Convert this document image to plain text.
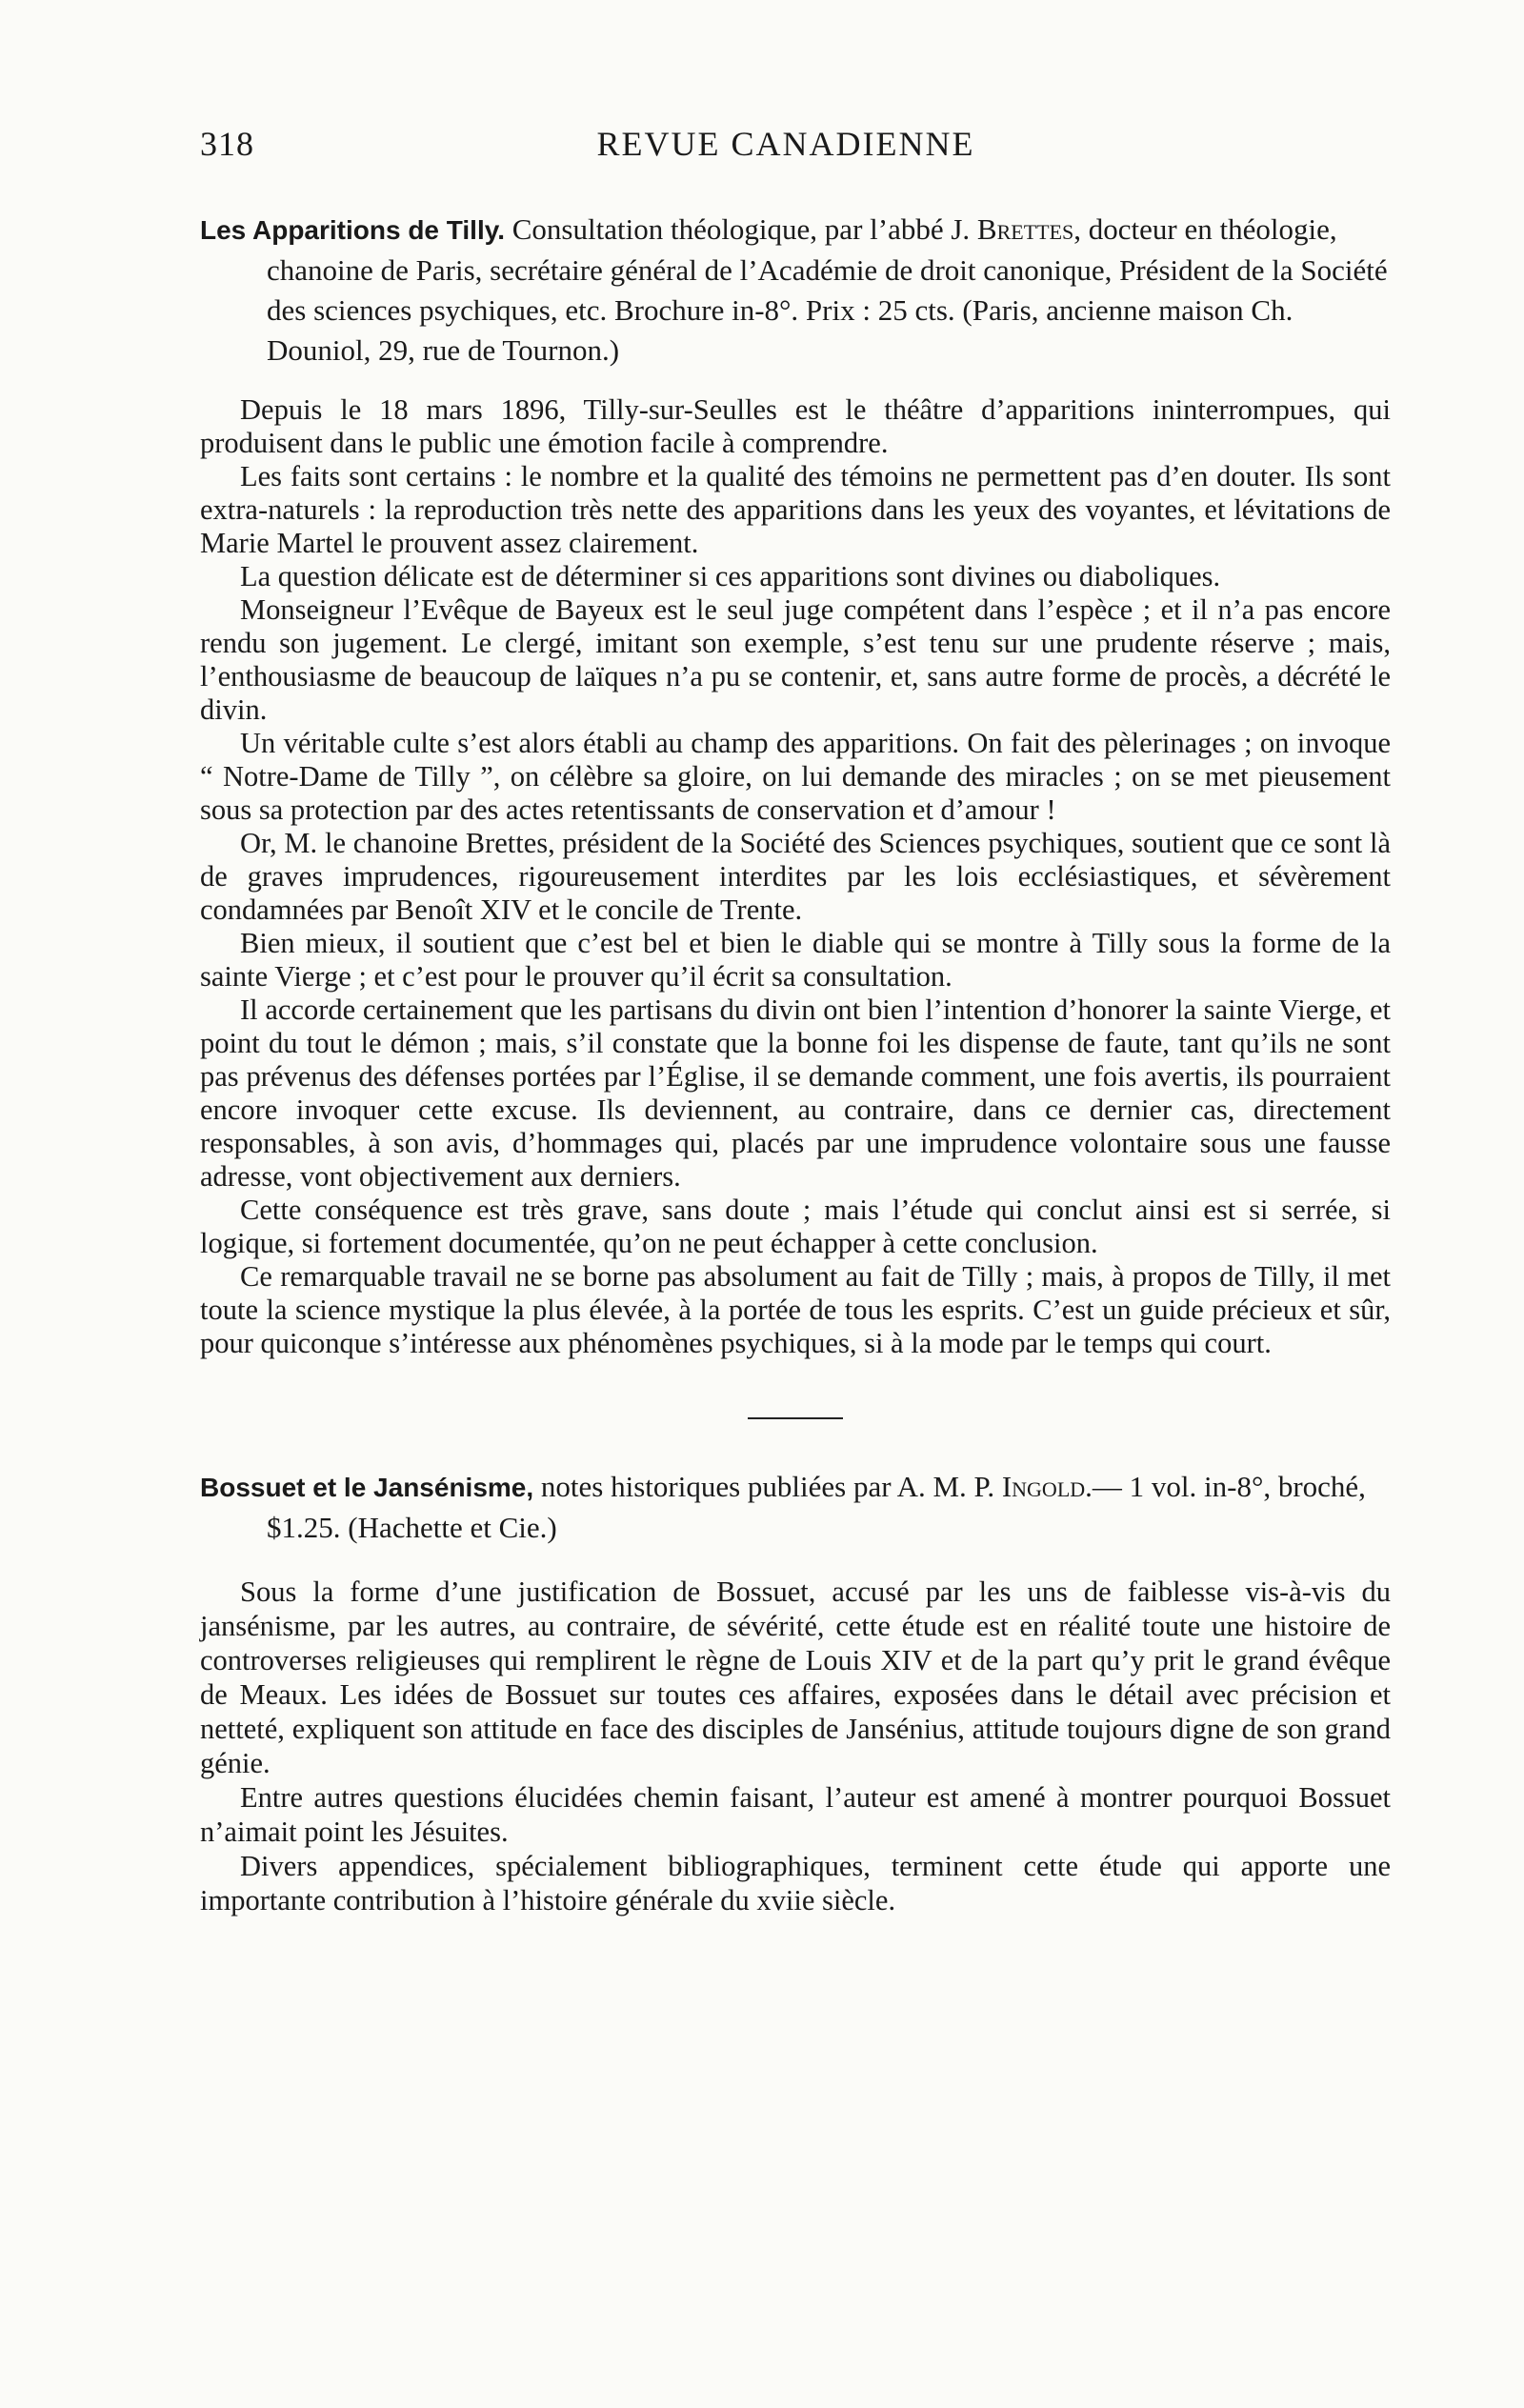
318	REVUE CANADIENNE
Les Apparitions de Tilly. Consultation théologique, par l’abbé J. Brettes, docteur en théologie, chanoine de Paris, secrétaire général de l’Académie de droit canonique, Président de la Société des sciences psychiques, etc. Brochure in-8°. Prix : 25 cts. (Paris, ancienne maison Ch. Douniol, 29, rue de Tournon.)

Depuis le 18 mars 1896, Tilly-sur-Seulles est le théâtre d’apparitions ininterrompues, qui produisent dans le public une émotion facile à comprendre.

Les faits sont certains : le nombre et la qualité des témoins ne permettent pas d’en douter. Ils sont extra-naturels : la reproduction très nette des apparitions dans les yeux des voyantes, et lévitations de Marie Martel le prouvent assez clairement.

La question délicate est de déterminer si ces apparitions sont divines ou diaboliques.

Monseigneur l’Evêque de Bayeux est le seul juge compétent dans l’espèce ; et il n’a pas encore rendu son jugement. Le clergé, imitant son exemple, s’est tenu sur une prudente réserve ; mais, l’enthousiasme de beaucoup de laïques n’a pu se contenir, et, sans autre forme de procès, a décrété le divin.

Un véritable culte s’est alors établi au champ des apparitions. On fait des pèlerinages ; on invoque “ Notre-Dame de Tilly ”, on célèbre sa gloire, on lui demande des miracles ; on se met pieusement sous sa protection par des actes retentissants de conservation et d’amour !

Or, M. le chanoine Brettes, président de la Société des Sciences psychiques, soutient que ce sont là de graves imprudences, rigoureusement interdites par les lois ecclésiastiques, et sévèrement condamnées par Benoît XIV et le concile de Trente.

Bien mieux, il soutient que c’est bel et bien le diable qui se montre à Tilly sous la forme de la sainte Vierge ; et c’est pour le prouver qu’il écrit sa consultation.

Il accorde certainement que les partisans du divin ont bien l’intention d’honorer la sainte Vierge, et point du tout le démon ; mais, s’il constate que la bonne foi les dispense de faute, tant qu’ils ne sont pas prévenus des défenses portées par l’Église, il se demande comment, une fois avertis, ils pourraient encore invoquer cette excuse. Ils deviennent, au contraire, dans ce dernier cas, directement responsables, à son avis, d’hommages qui, placés par une imprudence volontaire sous une fausse adresse, vont objectivement aux derniers.

Cette conséquence est très grave, sans doute ; mais l’étude qui conclut ainsi est si serrée, si logique, si fortement documentée, qu’on ne peut échapper à cette conclusion.

Ce remarquable travail ne se borne pas absolument au fait de Tilly ; mais, à propos de Tilly, il met toute la science mystique la plus élevée, à la portée de tous les esprits. C’est un guide précieux et sûr, pour quiconque s’intéresse aux phénomènes psychiques, si à la mode par le temps qui court.

Bossuet et le Jansénisme, notes historiques publiées par A. M. P. Ingold.— 1 vol. in-8°, broché, $1.25. (Hachette et Cie.)

Sous la forme d’une justification de Bossuet, accusé par les uns de faiblesse vis-à-vis du jansénisme, par les autres, au contraire, de sévérité, cette étude est en réalité toute une histoire de controverses religieuses qui remplirent le règne de Louis XIV et de la part qu’y prit le grand évêque de Meaux. Les idées de Bossuet sur toutes ces affaires, exposées dans le détail avec précision et netteté, expliquent son attitude en face des disciples de Jansénius, attitude toujours digne de son grand génie.

Entre autres questions élucidées chemin faisant, l’auteur est amené à montrer pourquoi Bossuet n’aimait point les Jésuites.

Divers appendices, spécialement bibliographiques, terminent cette étude qui apporte une importante contribution à l’histoire générale du xviie siècle.
